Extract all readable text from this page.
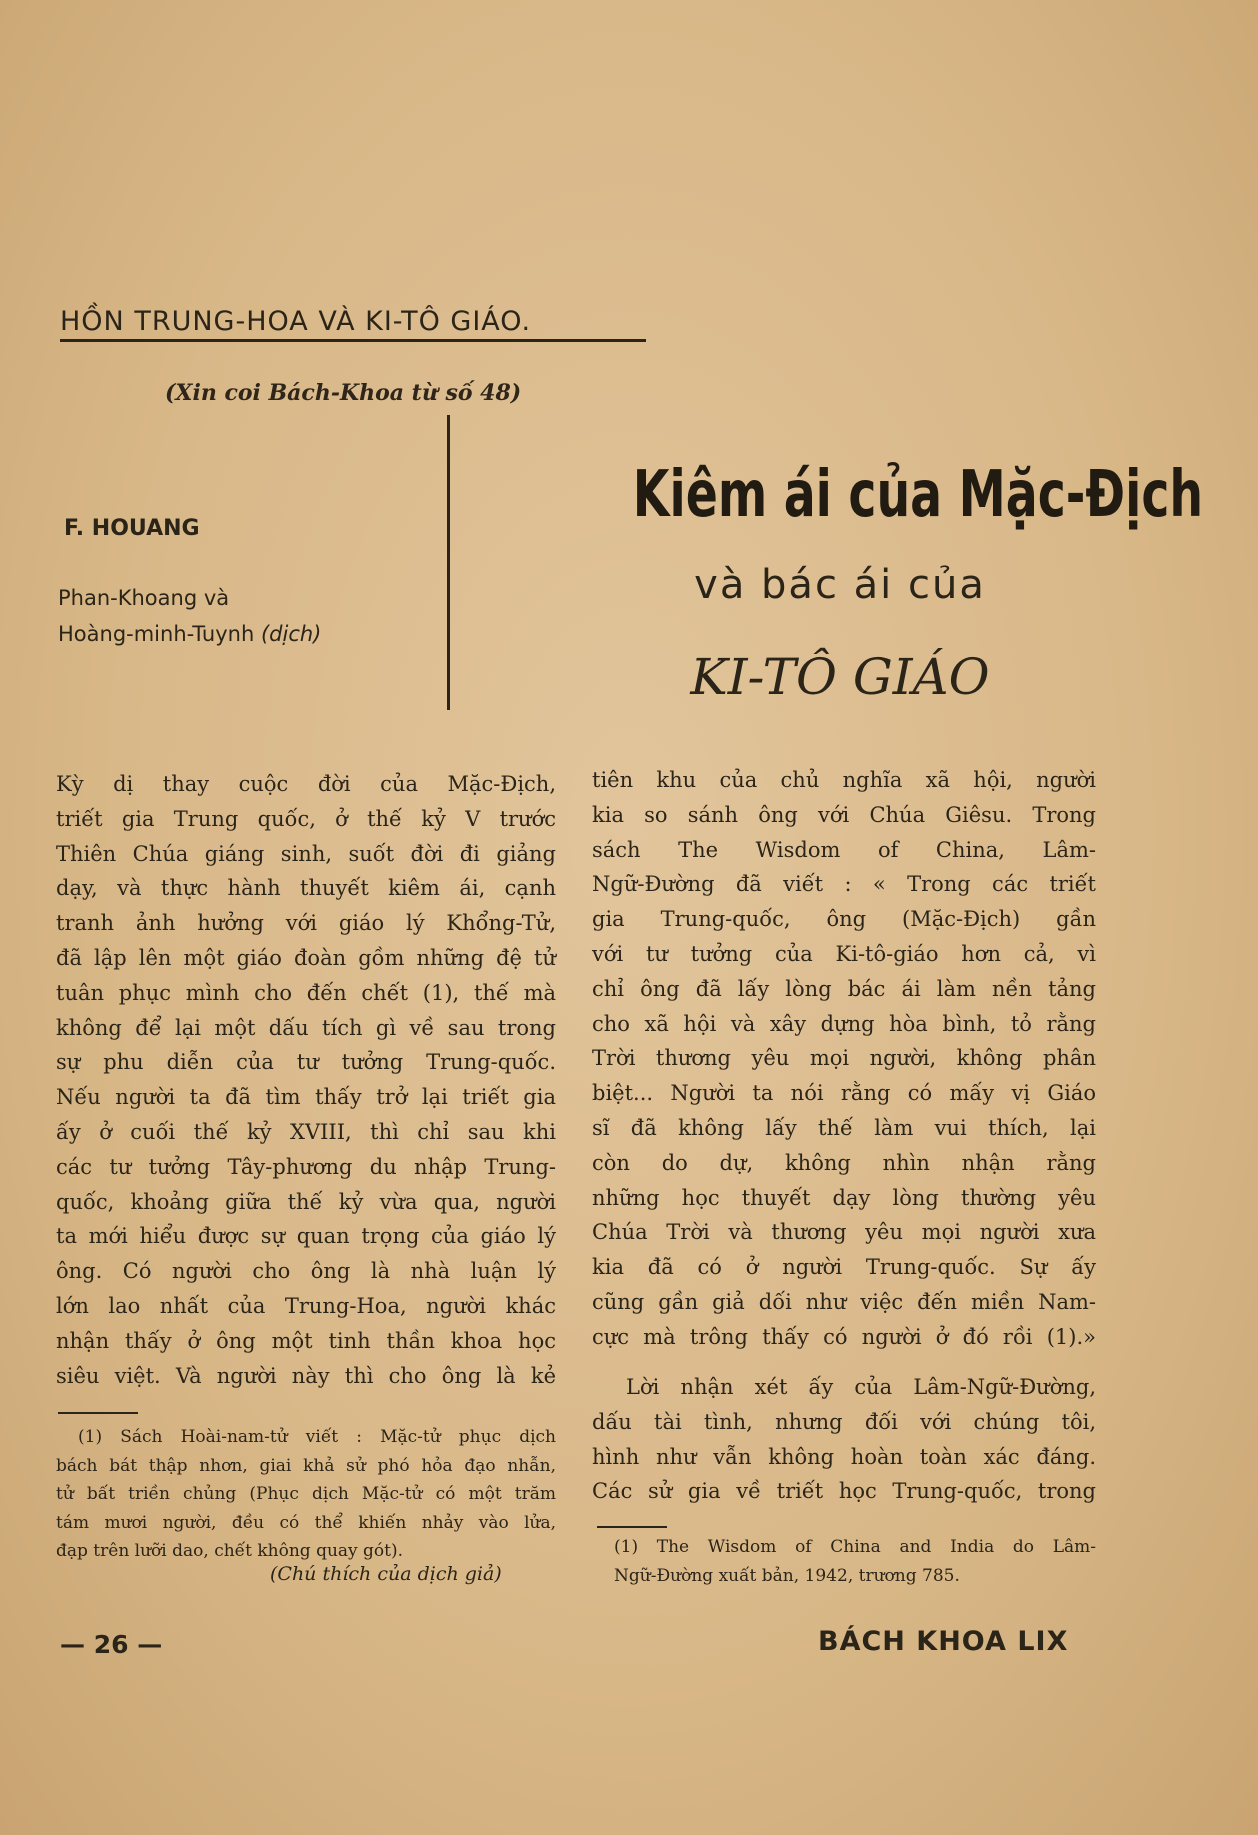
HỒN TRUNG-HOA VÀ KI-TÔ GIÁO.
(Xin coi Bách-Khoa từ số 48)
F. HOUANG
Phan-Khoang và
Hoàng-minh-Tuynh (dịch)
Kiêm ái của Mặc-Địch
và bác ái của
KI-TÔ GIÁO
Kỳ dị thay cuộc đời của Mặc-Địch,
triết gia Trung quốc, ở thế kỷ V trước
Thiên Chúa giáng sinh, suốt đời đi giảng
dạy, và thực hành thuyết kiêm ái, cạnh
tranh ảnh hưởng với giáo lý Khổng-Tử,
đã lập lên một giáo đoàn gồm những đệ tử
tuân phục mình cho đến chết (1), thế mà
không để lại một dấu tích gì về sau trong
sự phu diễn của tư tưởng Trung-quốc.
Nếu người ta đã tìm thấy trở lại triết gia
ấy ở cuối thế kỷ XVIII, thì chỉ sau khi
các tư tưởng Tây-phương du nhập Trung-
quốc, khoảng giữa thế kỷ vừa qua, người
ta mới hiểu được sự quan trọng của giáo lý
ông. Có người cho ông là nhà luận lý
lớn lao nhất của Trung-Hoa, người khác
nhận thấy ở ông một tinh thần khoa học
siêu việt. Và người này thì cho ông là kẻ
tiên khu của chủ nghĩa xã hội, người
kia so sánh ông với Chúa Giêsu. Trong
sách The Wisdom of China, Lâm-
Ngữ-Đường đã viết : « Trong các triết
gia Trung-quốc, ông (Mặc-Địch) gần
với tư tưởng của Ki-tô-giáo hơn cả, vì
chỉ ông đã lấy lòng bác ái làm nền tảng
cho xã hội và xây dựng hòa bình, tỏ rằng
Trời thương yêu mọi người, không phân
biệt... Người ta nói rằng có mấy vị Giáo
sĩ đã không lấy thế làm vui thích, lại
còn do dự, không nhìn nhận rằng
những học thuyết dạy lòng thường yêu
Chúa Trời và thương yêu mọi người xưa
kia đã có ở người Trung-quốc. Sự ấy
cũng gần giả dối như việc đến miền Nam-
cực mà trông thấy có người ở đó rồi (1).»
Lời nhận xét ấy của Lâm-Ngữ-Đường,
dấu tài tình, nhưng đối với chúng tôi,
hình như vẫn không hoàn toàn xác đáng.
Các sử gia về triết học Trung-quốc, trong
(1) Sách Hoài-nam-tử viết : Mặc-tử phục dịch
bách bát thập nhơn, giai khả sử phó hỏa đạo nhẫn,
tử bất triền chủng (Phục dịch Mặc-tử có một trăm
tám mươi người, đều có thể khiến nhảy vào lửa,
đạp trên lưỡi dao, chết không quay gót).
(Chú thích của dịch giả)
(1) The Wisdom of China and India do Lâm-
Ngữ-Đường xuất bản, 1942, trương 785.
— 26 —	BÁCH KHOA LIX
